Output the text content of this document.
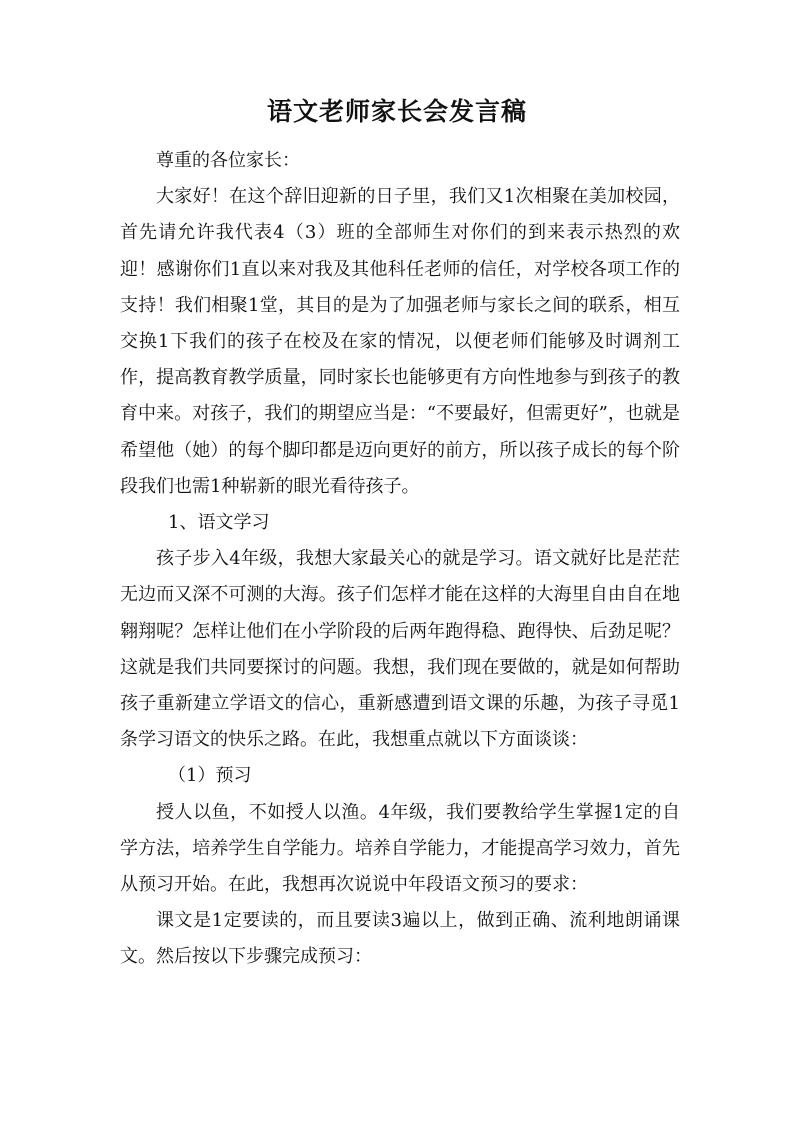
语文老师家长会发言稿

尊重的各位家长：

大家好！在这个辞旧迎新的日子里，我们又1次相聚在美加校园，首先请允许我代表4（3）班的全部师生对你们的到来表示热烈的欢迎！感谢你们1直以来对我及其他科任老师的信任，对学校各项工作的支持！我们相聚1堂，其目的是为了加强老师与家长之间的联系，相互交换1下我们的孩子在校及在家的情况，以便老师们能够及时调剂工作，提高教育教学质量，同时家长也能够更有方向性地参与到孩子的教育中来。对孩子，我们的期望应当是：“不要最好，但需更好”，也就是希望他（她）的每个脚印都是迈向更好的前方，所以孩子成长的每个阶段我们也需1种崭新的眼光看待孩子。

1、语文学习

孩子步入4年级，我想大家最关心的就是学习。语文就好比是茫茫无边而又深不可测的大海。孩子们怎样才能在这样的大海里自由自在地翱翔呢？怎样让他们在小学阶段的后两年跑得稳、跑得快、后劲足呢？这就是我们共同要探讨的问题。我想，我们现在要做的，就是如何帮助孩子重新建立学语文的信心，重新感遭到语文课的乐趣，为孩子寻觅1条学习语文的快乐之路。在此，我想重点就以下方面谈谈：

（1）预习

授人以鱼，不如授人以渔。4年级，我们要教给学生掌握1定的自学方法，培养学生自学能力。培养自学能力，才能提高学习效力，首先从预习开始。在此，我想再次说说中年段语文预习的要求：

课文是1定要读的，而且要读3遍以上，做到正确、流利地朗诵课文。然后按以下步骤完成预习：
